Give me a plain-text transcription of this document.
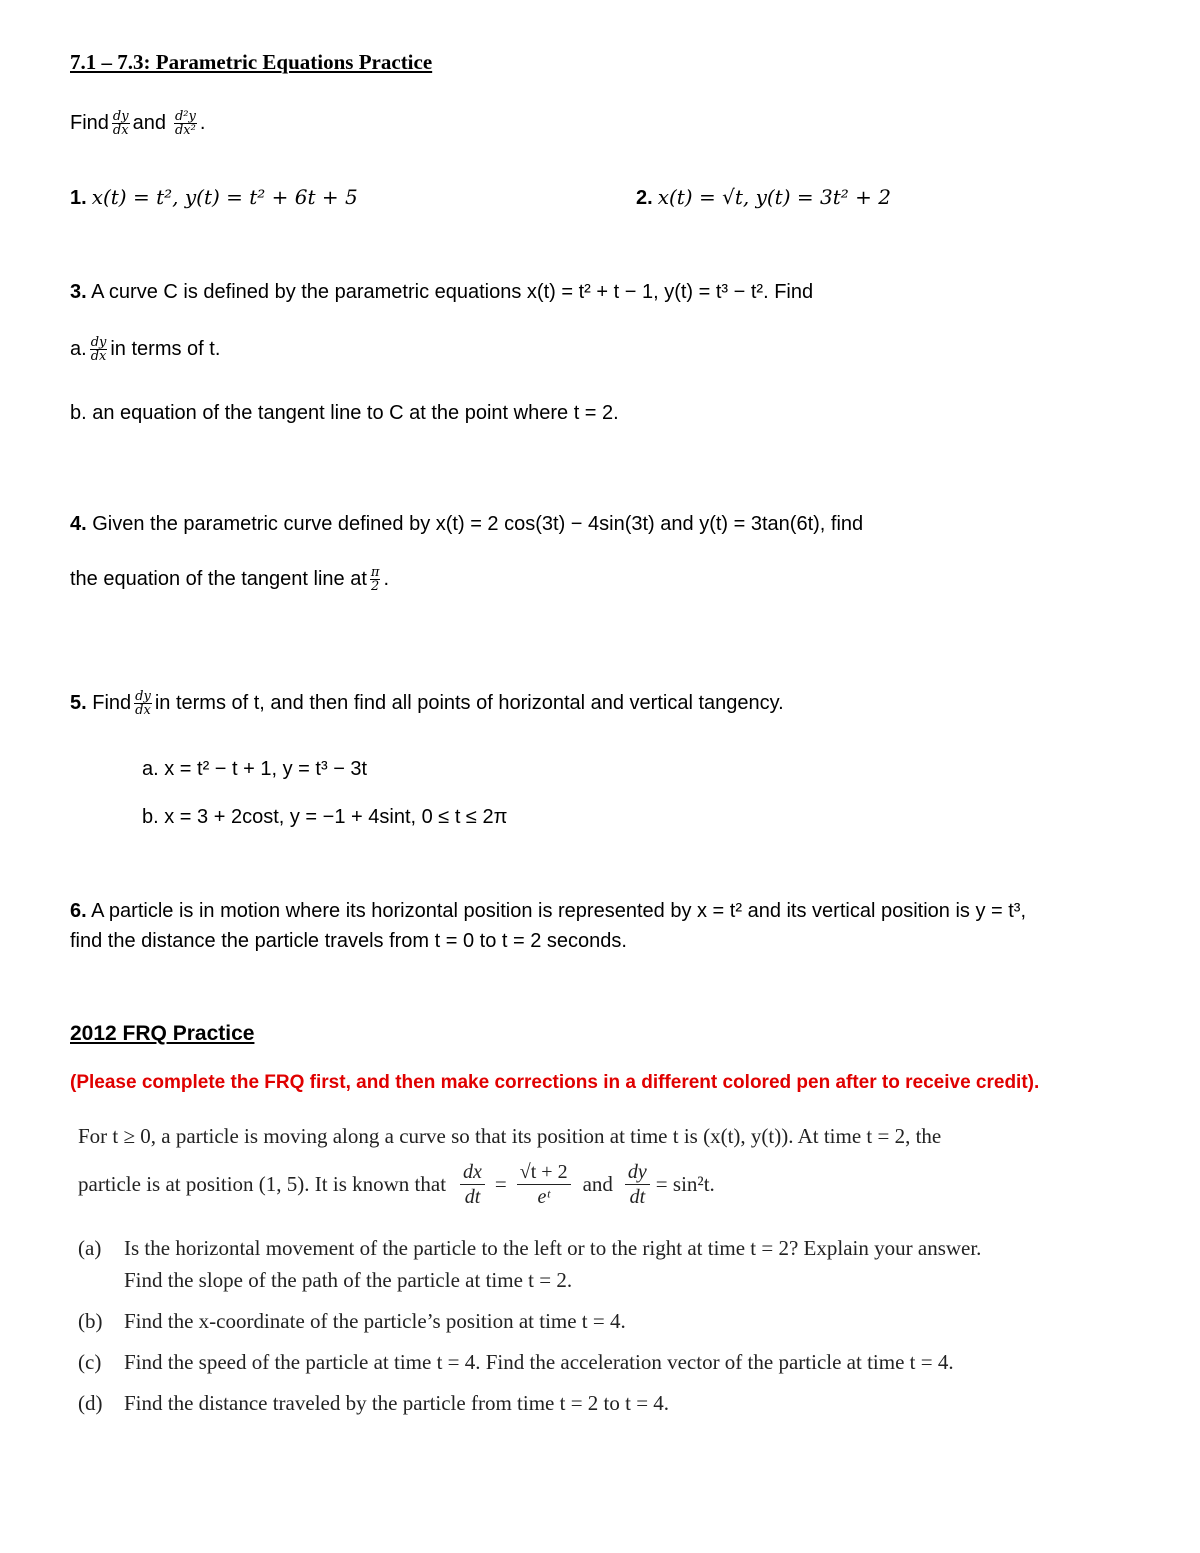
7.1 – 7.3: Parametric Equations Practice
Find $\frac{dy}{dx}$ and $\frac{\text{d²y}}{\text{dx²}}$ .
1. x(t) = t², y(t) = t² + 6t + 5	2. x(t) = √t, y(t) = 3t² + 2
3. A curve C is defined by the parametric equations x(t) = t² + t − 1, y(t) = t³ − t². Find
a. $\frac{dy}{dx}$ in terms of t.
b. an equation of the tangent line to C at the point where t = 2.
4. Given the parametric curve defined by x(t) = 2 cos(3t) − 4sin(3t) and y(t) = 3tan(6t), find
the equation of the tangent line at $\frac{\pi}{2}$ .
5. Find $\frac{dy}{dx}$ in terms of t, and then find all points of horizontal and vertical tangency.
a. x = t² − t + 1, y = t³ − 3t
b. x = 3 + 2cost, y = −1 + 4sint, 0 ≤ t ≤ 2π
6. A particle is in motion where its horizontal position is represented by x = t² and its vertical position is y = t³,
find the distance the particle travels from t = 0 to t = 2 seconds.
2012 FRQ Practice
(Please complete the FRQ first, and then make corrections in a different colored pen after to receive credit).
For t ≥ 0, a particle is moving along a curve so that its position at time t is (x(t), y(t)). At time t = 2, the
particle is at position (1, 5). It is known that $\frac{dx}{dt} = \frac{√t + 2}{\text{eᵗ}}$ and $\frac{dy}{dt} = \sin^2t$.
(a) Is the horizontal movement of the particle to the left or to the right at time t = 2? Explain your answer.
Find the slope of the path of the particle at time t = 2.
(b) Find the x-coordinate of the particle’s position at time t = 4.
(c) Find the speed of the particle at time t = 4. Find the acceleration vector of the particle at time t = 4.
(d) Find the distance traveled by the particle from time t = 2 to t = 4.
